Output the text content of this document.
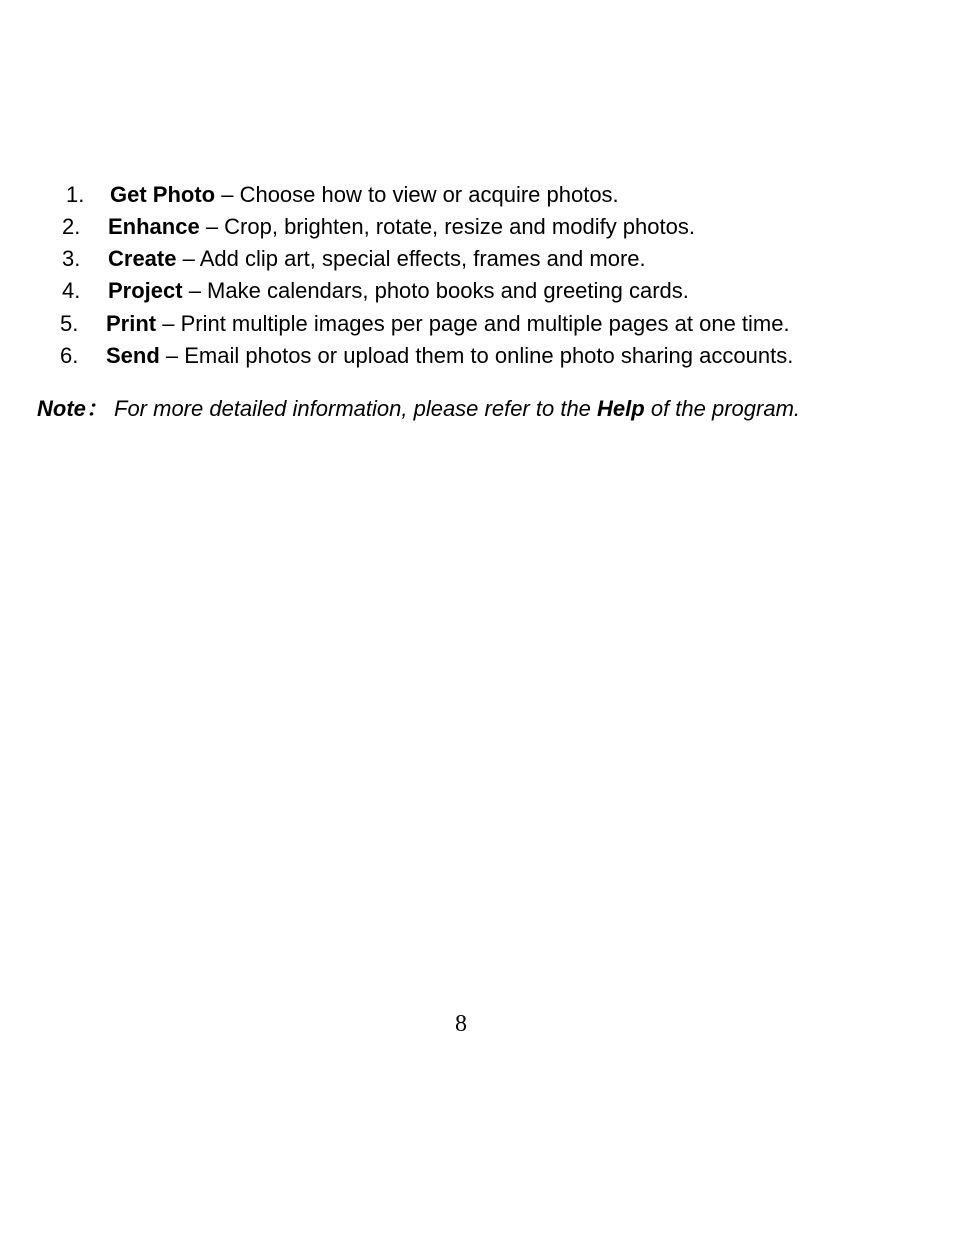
1. Get Photo – Choose how to view or acquire photos.
2. Enhance – Crop, brighten, rotate, resize and modify photos.
3. Create – Add clip art, special effects, frames and more.
4. Project – Make calendars, photo books and greeting cards.
5. Print – Print multiple images per page and multiple pages at one time.
6. Send – Email photos or upload them to online photo sharing accounts.
Note： For more detailed information, please refer to the Help of the program.
8
